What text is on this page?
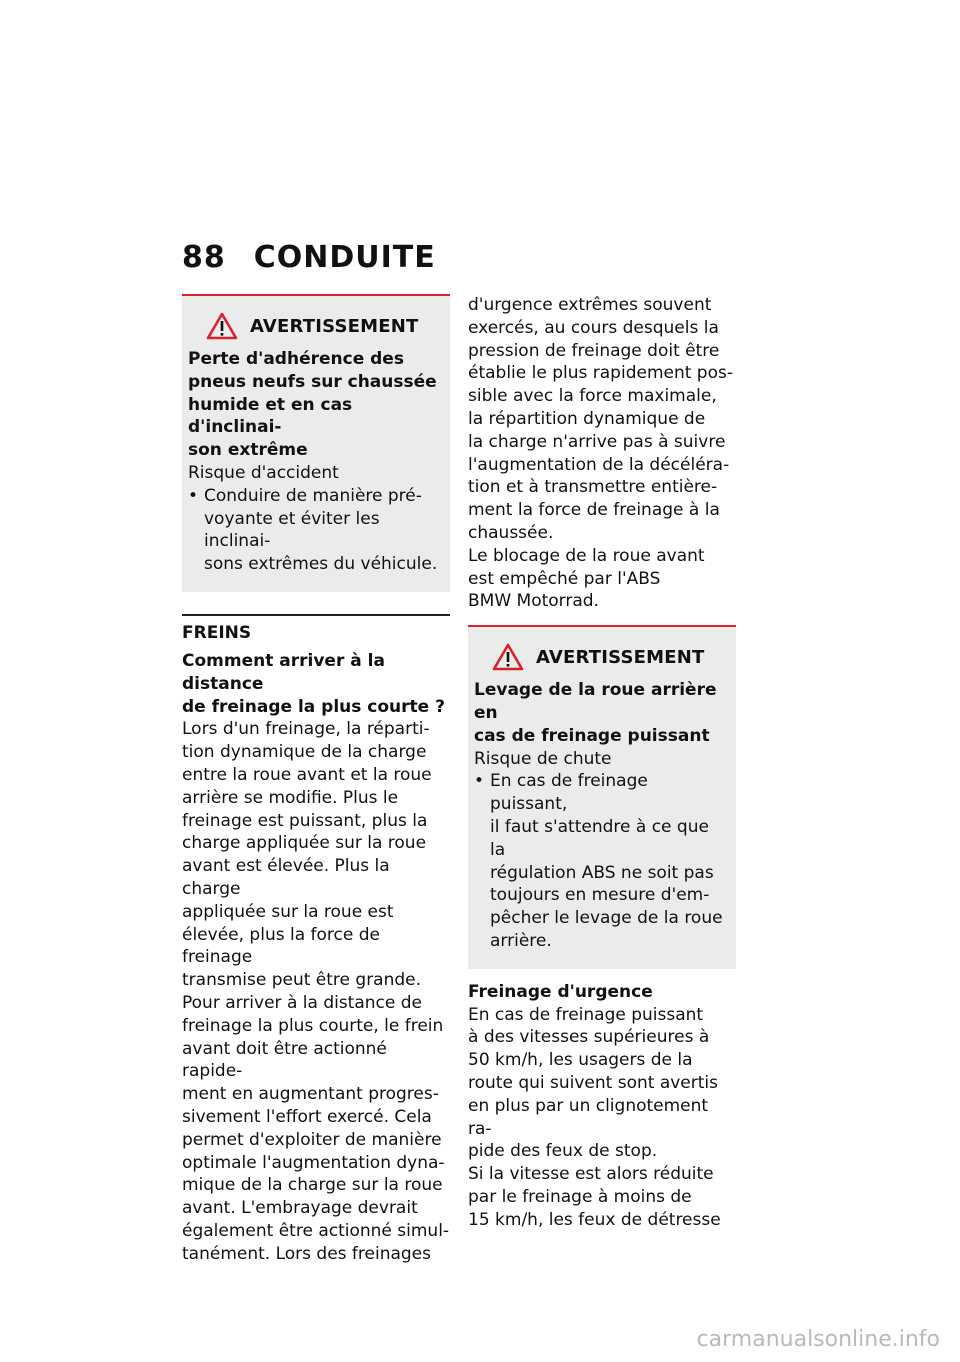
88 CONDUITE
AVERTISSEMENT
Perte d'adhérence des
pneus neufs sur chaussée
humide et en cas d'inclinai-
son extrême
Risque d'accident
• Conduire de manière pré-
voyante et éviter les inclinai-
sons extrêmes du véhicule.
FREINS
Comment arriver à la distance
de freinage la plus courte ?
Lors d'un freinage, la réparti-
tion dynamique de la charge
entre la roue avant et la roue
arrière se modifie. Plus le
freinage est puissant, plus la
charge appliquée sur la roue
avant est élevée. Plus la charge
appliquée sur la roue est
élevée, plus la force de freinage
transmise peut être grande.
Pour arriver à la distance de
freinage la plus courte, le frein
avant doit être actionné rapide-
ment en augmentant progres-
sivement l'effort exercé. Cela
permet d'exploiter de manière
optimale l'augmentation dyna-
mique de la charge sur la roue
avant. L'embrayage devrait
également être actionné simul-
tanément. Lors des freinages
d'urgence extrêmes souvent
exercés, au cours desquels la
pression de freinage doit être
établie le plus rapidement pos-
sible avec la force maximale,
la répartition dynamique de
la charge n'arrive pas à suivre
l'augmentation de la décéléra-
tion et à transmettre entière-
ment la force de freinage à la
chaussée.
Le blocage de la roue avant
est empêché par l'ABS
BMW Motorrad.
AVERTISSEMENT
Levage de la roue arrière en
cas de freinage puissant
Risque de chute
• En cas de freinage puissant,
il faut s'attendre à ce que la
régulation ABS ne soit pas
toujours en mesure d'em-
pêcher le levage de la roue
arrière.
Freinage d'urgence
En cas de freinage puissant
à des vitesses supérieures à
50 km/h, les usagers de la
route qui suivent sont avertis
en plus par un clignotement ra-
pide des feux de stop.
Si la vitesse est alors réduite
par le freinage à moins de
15 km/h, les feux de détresse
carmanualsonline.info
